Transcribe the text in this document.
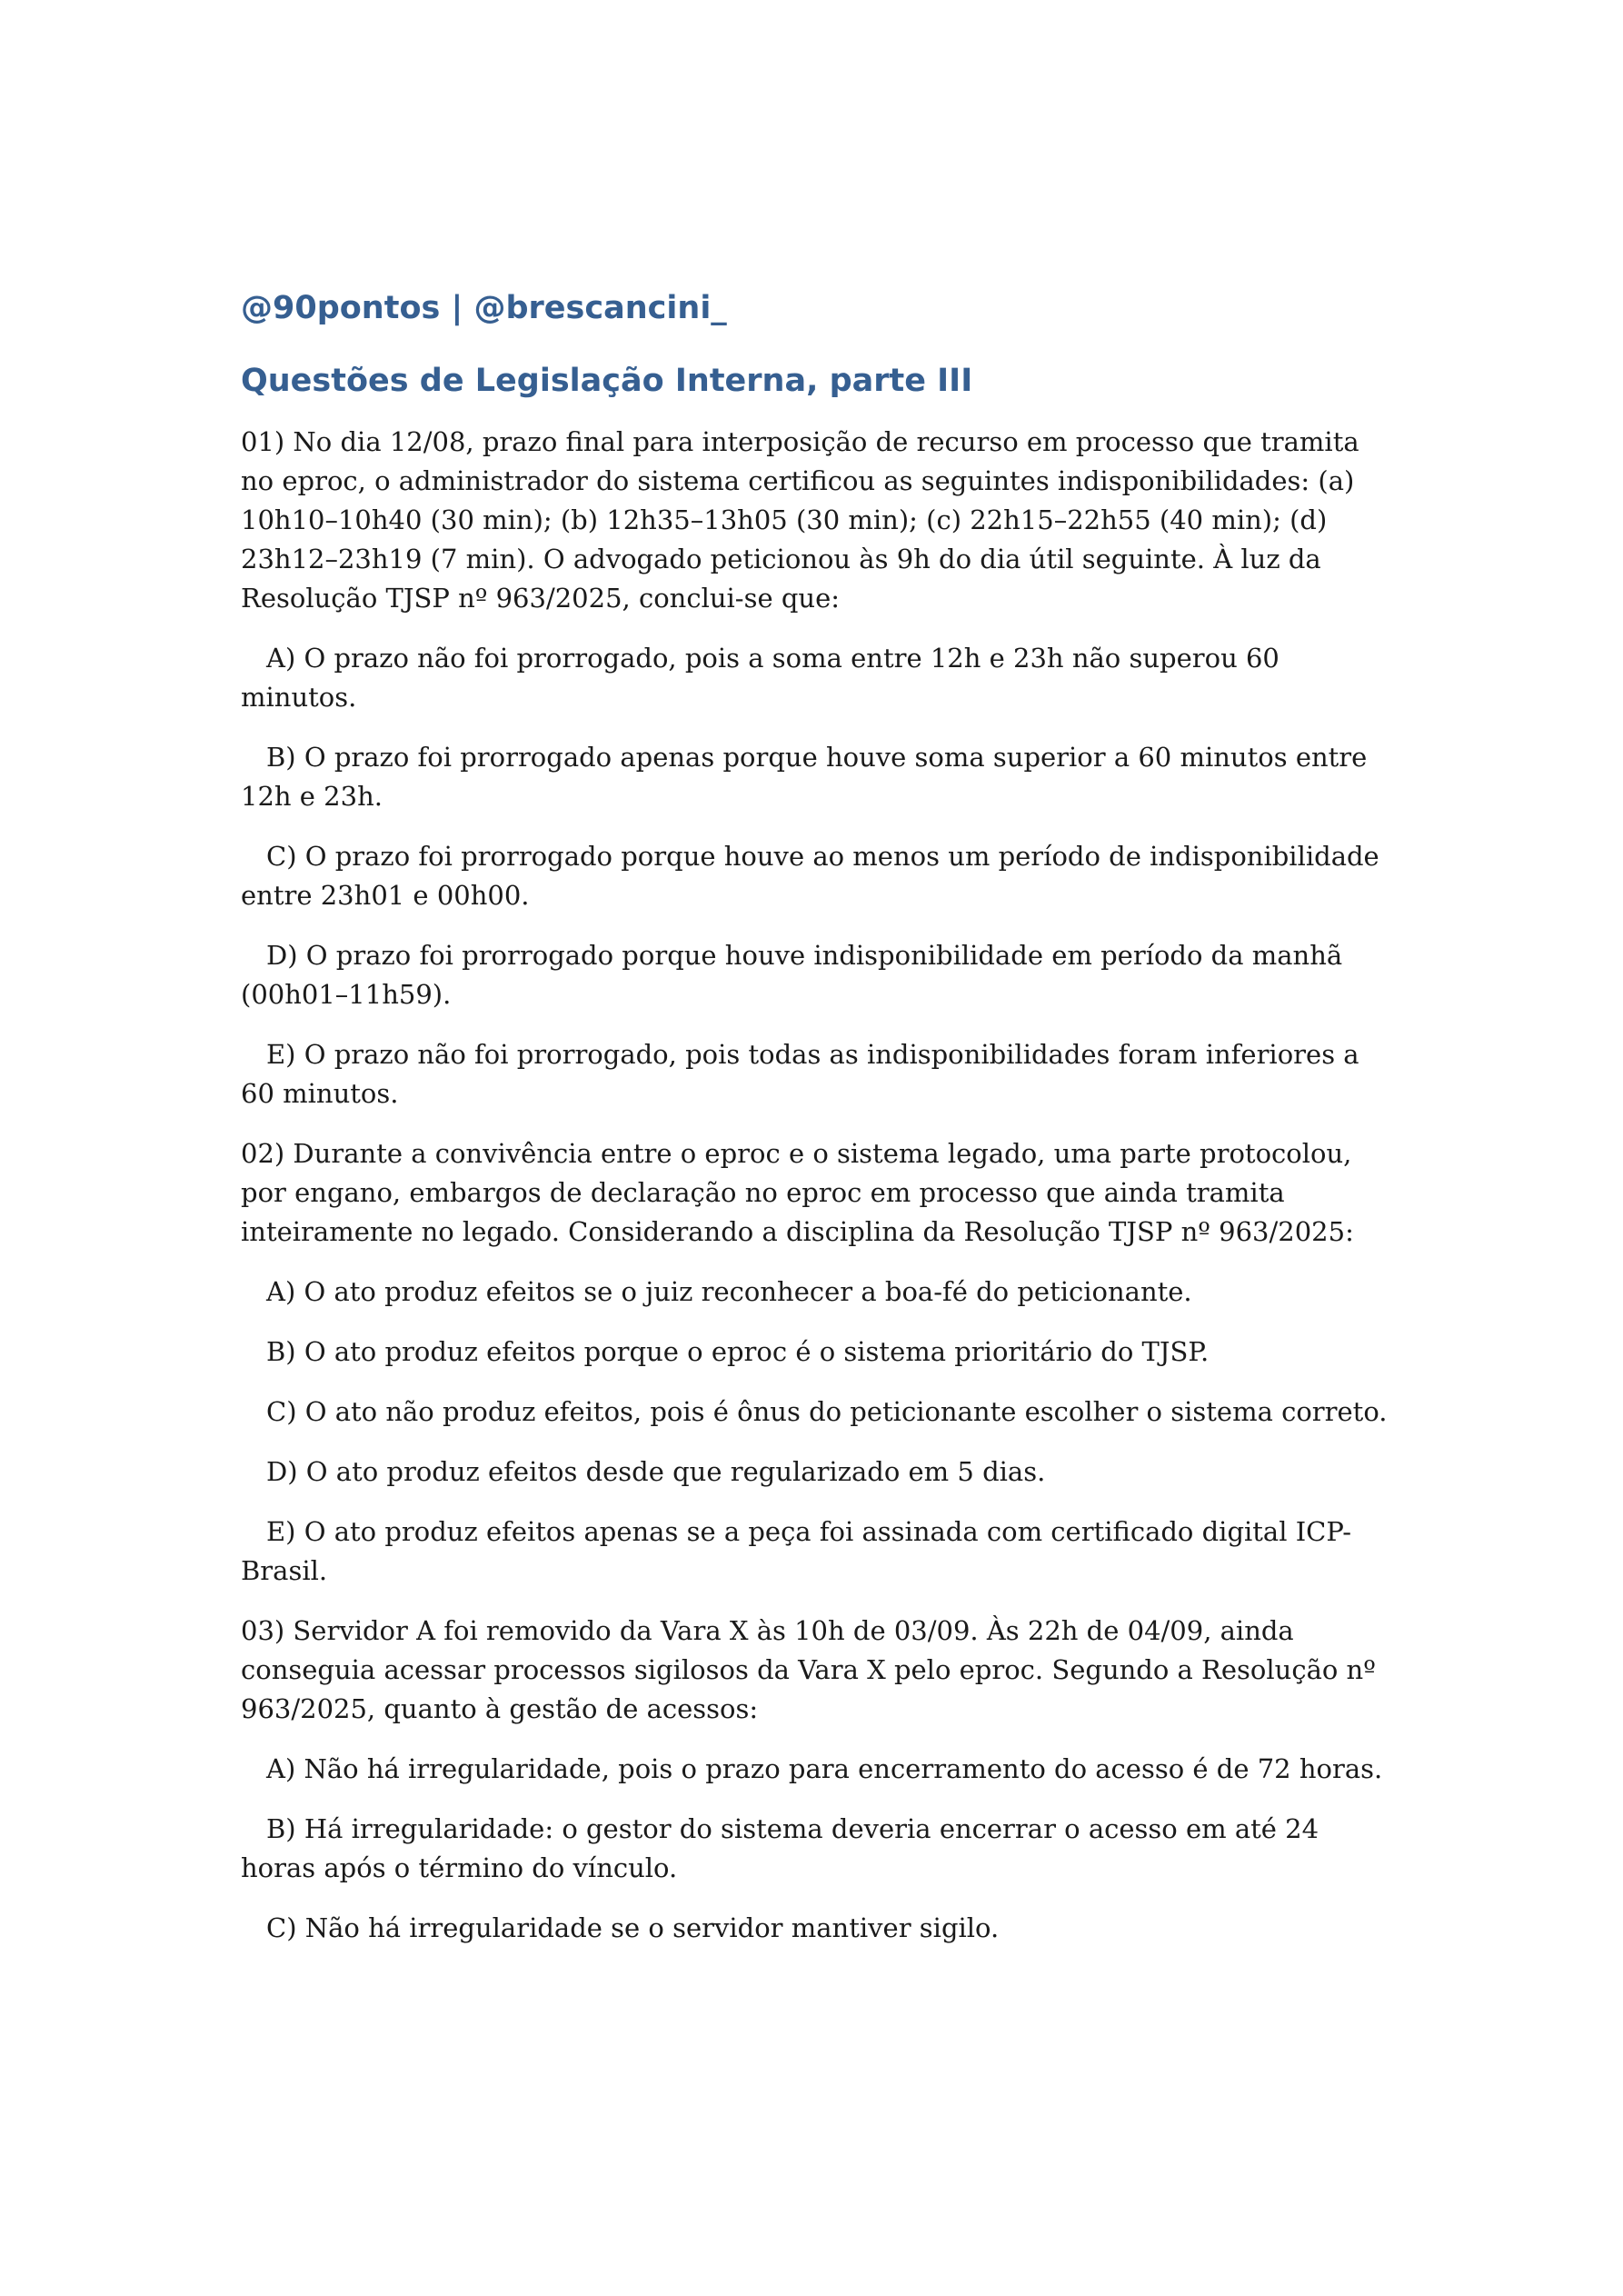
@90pontos | @brescancini_
Questões de Legislação Interna, parte III
01) No dia 12/08, prazo final para interposição de recurso em processo que tramita no eproc, o administrador do sistema certificou as seguintes indisponibilidades: (a) 10h10–10h40 (30 min); (b) 12h35–13h05 (30 min); (c) 22h15–22h55 (40 min); (d) 23h12–23h19 (7 min). O advogado peticionou às 9h do dia útil seguinte. À luz da Resolução TJSP nº 963/2025, conclui-se que:
A) O prazo não foi prorrogado, pois a soma entre 12h e 23h não superou 60 minutos.
B) O prazo foi prorrogado apenas porque houve soma superior a 60 minutos entre 12h e 23h.
C) O prazo foi prorrogado porque houve ao menos um período de indisponibilidade entre 23h01 e 00h00.
D) O prazo foi prorrogado porque houve indisponibilidade em período da manhã (00h01–11h59).
E) O prazo não foi prorrogado, pois todas as indisponibilidades foram inferiores a 60 minutos.
02) Durante a convivência entre o eproc e o sistema legado, uma parte protocolou, por engano, embargos de declaração no eproc em processo que ainda tramita inteiramente no legado. Considerando a disciplina da Resolução TJSP nº 963/2025:
A) O ato produz efeitos se o juiz reconhecer a boa-fé do peticionante.
B) O ato produz efeitos porque o eproc é o sistema prioritário do TJSP.
C) O ato não produz efeitos, pois é ônus do peticionante escolher o sistema correto.
D) O ato produz efeitos desde que regularizado em 5 dias.
E) O ato produz efeitos apenas se a peça foi assinada com certificado digital ICP-Brasil.
03) Servidor A foi removido da Vara X às 10h de 03/09. Às 22h de 04/09, ainda conseguia acessar processos sigilosos da Vara X pelo eproc. Segundo a Resolução nº 963/2025, quanto à gestão de acessos:
A) Não há irregularidade, pois o prazo para encerramento do acesso é de 72 horas.
B) Há irregularidade: o gestor do sistema deveria encerrar o acesso em até 24 horas após o término do vínculo.
C) Não há irregularidade se o servidor mantiver sigilo.
